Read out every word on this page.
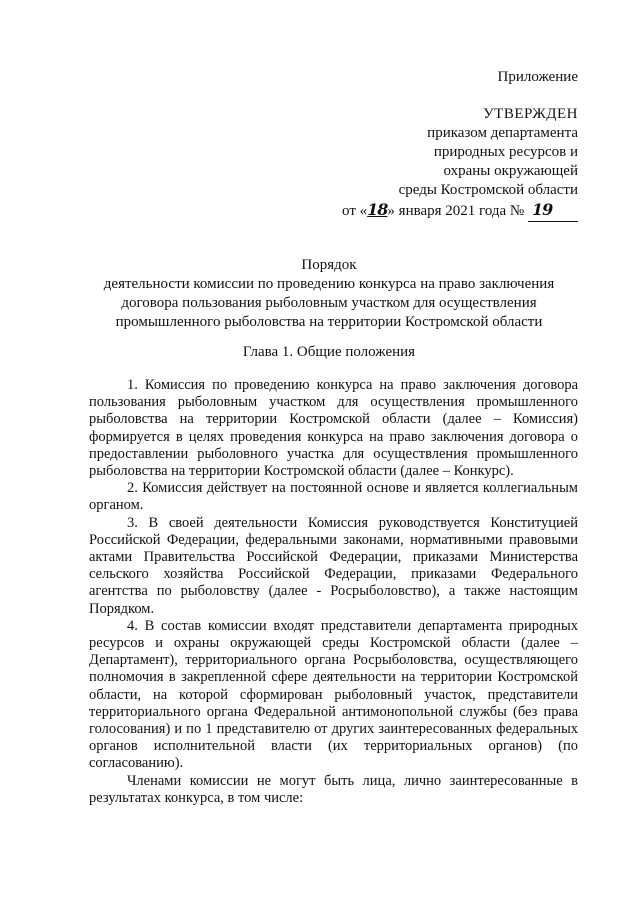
Приложение
УТВЕРЖДЕН
приказом департамента
природных ресурсов и
охраны окружающей
среды Костромской области
от «18» января 2021 года № 19
Порядок
деятельности комиссии по проведению конкурса на право заключения
договора пользования рыболовным участком для осуществления
промышленного рыболовства на территории Костромской области
Глава 1. Общие положения

1. Комиссия по проведению конкурса на право заключения договора пользования рыболовным участком для осуществления промышленного рыболовства на территории Костромской области (далее – Комиссия) формируется в целях проведения конкурса на право заключения договора о предоставлении рыболовного участка для осуществления промышленного рыболовства на территории Костромской области (далее – Конкурс).

2. Комиссия действует на постоянной основе и является коллегиальным органом.

3. В своей деятельности Комиссия руководствуется Конституцией Российской Федерации, федеральными законами, нормативными правовыми актами Правительства Российской Федерации, приказами Министерства сельского хозяйства Российской Федерации, приказами Федерального агентства по рыболовству (далее - Росрыболовство), а также настоящим Порядком.

4. В состав комиссии входят представители департамента природных ресурсов и охраны окружающей среды Костромской области (далее – Департамент), территориального органа Росрыболовства, осуществляющего полномочия в закрепленной сфере деятельности на территории Костромской области, на которой сформирован рыболовный участок, представители территориального органа Федеральной антимонопольной службы (без права голосования) и по 1 представителю от других заинтересованных федеральных органов исполнительной власти (их территориальных органов) (по согласованию).

Членами комиссии не могут быть лица, лично заинтересованные в результатах конкурса, в том числе:
